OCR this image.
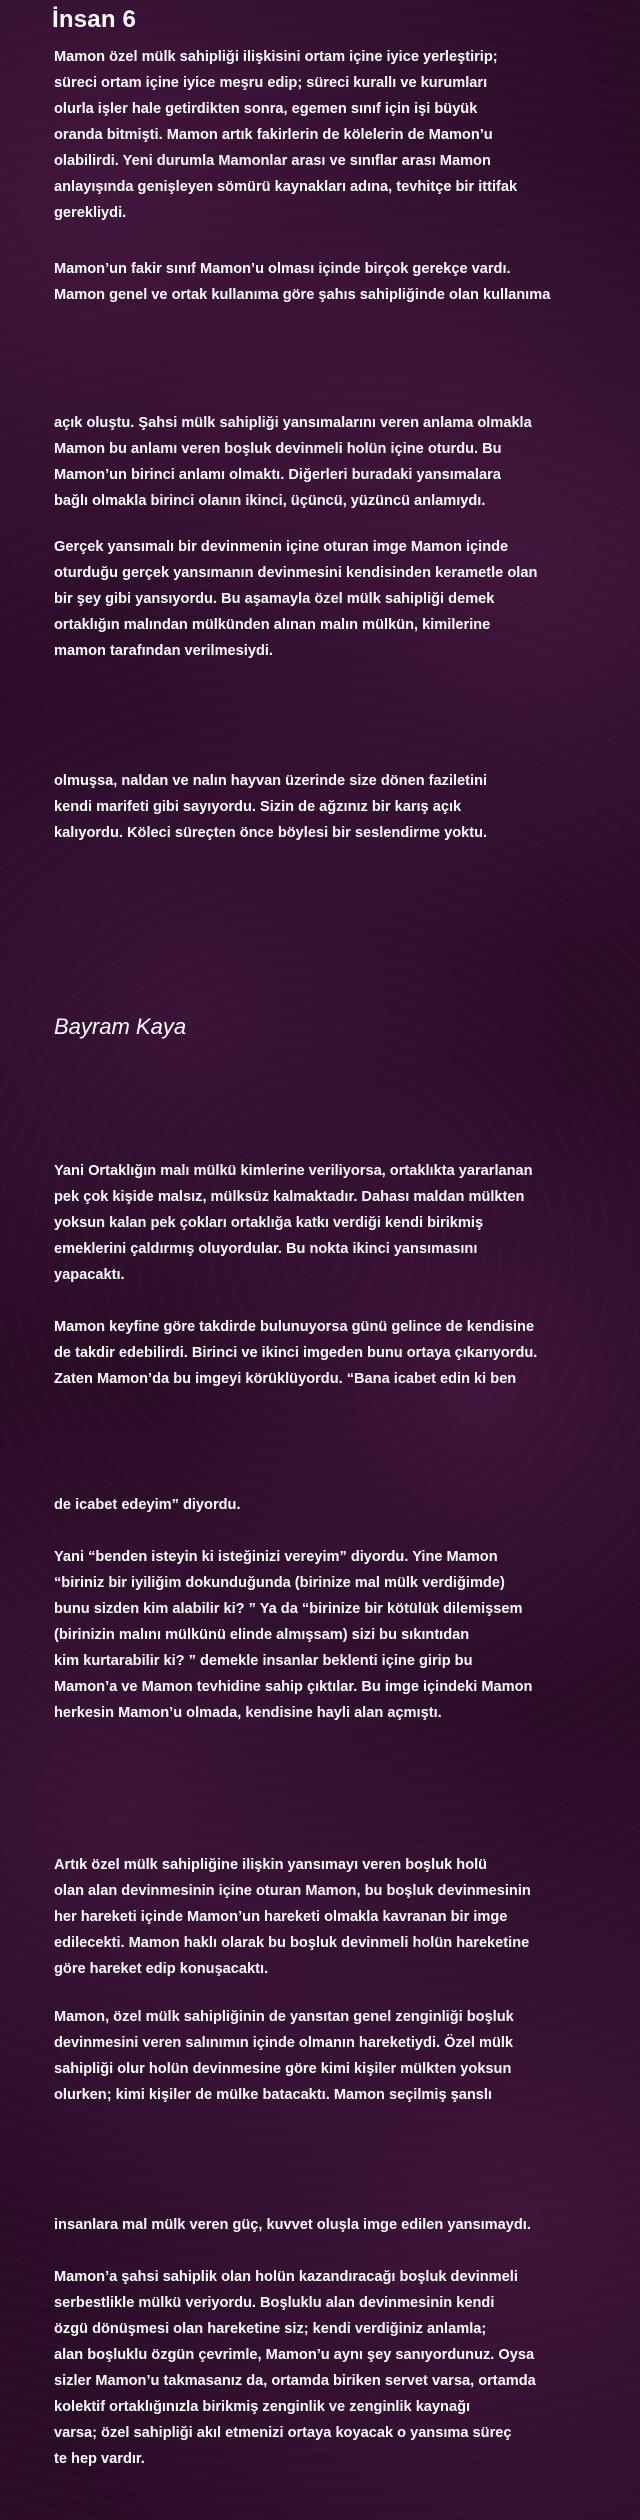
İnsan 6

Mamon özel mülk sahipliği ilişkisini ortam içine iyice yerleştirip;
süreci ortam içine iyice meşru edip; süreci kurallı ve kurumları
olurla işler hale getirdikten sonra, egemen sınıf için işi büyük
oranda bitmişti. Mamon artık fakirlerin de kölelerin de Mamon’u
olabilirdi. Yeni durumla Mamonlar arası ve sınıflar arası Mamon
anlayışında genişleyen sömürü kaynakları adına, tevhitçe bir ittifak
gerekliydi.

Mamon’un fakir sınıf Mamon’u olması içinde birçok gerekçe vardı.
Mamon genel ve ortak kullanıma göre şahıs sahipliğinde olan kullanıma

açık oluştu. Şahsi mülk sahipliği yansımalarını veren anlama olmakla
Mamon bu anlamı veren boşluk devinmeli holün içine oturdu. Bu
Mamon’un birinci anlamı olmaktı. Diğerleri buradaki yansımalara
bağlı olmakla birinci olanın ikinci, üçüncü, yüzüncü anlamıydı.

Gerçek yansımalı bir devinmenin içine oturan imge Mamon içinde
oturduğu gerçek yansımanın devinmesini kendisinden kerametle olan
bir şey gibi yansıyordu. Bu aşamayla özel mülk sahipliği demek
ortaklığın malından mülkünden alınan malın mülkün, kimilerine
mamon tarafından verilmesiydi.

olmuşsa, naldan ve nalın hayvan üzerinde size dönen faziletini
kendi marifeti gibi sayıyordu. Sizin de ağzınız bir karış açık
kalıyordu. Köleci süreçten önce böylesi bir seslendirme yoktu.

Bayram Kaya

Yani Ortaklığın malı mülkü kimlerine veriliyorsa, ortaklıkta yararlanan
pek çok kişide malsız, mülksüz kalmaktadır. Dahası maldan mülkten
yoksun kalan pek çokları ortaklığa katkı verdiği kendi birikmiş
emeklerini çaldırmış oluyordular. Bu nokta ikinci yansımasını
yapacaktı.

Mamon keyfine göre takdirde bulunuyorsa günü gelince de kendisine
de takdir edebilirdi. Birinci ve ikinci imgeden bunu ortaya çıkarıyordu.
Zaten Mamon’da bu imgeyi körüklüyordu. “Bana icabet edin ki ben

de icabet edeyim” diyordu.

Yani “benden isteyin ki isteğinizi vereyim” diyordu. Yine Mamon
“biriniz bir iyiliğim dokunduğunda (birinize mal mülk verdiğimde)
bunu sizden kim alabilir ki? ” Ya da “birinize bir kötülük dilemişsem
(birinizin malını mülkünü elinde almışsam) sizi bu sıkıntıdan
kim kurtarabilir ki? ” demekle insanlar beklenti içine girip bu
Mamon’a ve Mamon tevhidine sahip çıktılar. Bu imge içindeki Mamon
herkesin Mamon’u olmada, kendisine hayli alan açmıştı.

Artık özel mülk sahipliğine ilişkin yansımayı veren boşluk holü
olan alan devinmesinin içine oturan Mamon, bu boşluk devinmesinin
her hareketi içinde Mamon’un hareketi olmakla kavranan bir imge
edilecekti. Mamon haklı olarak bu boşluk devinmeli holün hareketine
göre hareket edip konuşacaktı.

Mamon, özel mülk sahipliğinin de yansıtan genel zenginliği boşluk
devinmesini veren salınımın içinde olmanın hareketiydi. Özel mülk
sahipliği olur holün devinmesine göre kimi kişiler mülkten yoksun
olurken; kimi kişiler de mülke batacaktı. Mamon seçilmiş şanslı

insanlara mal mülk veren güç, kuvvet oluşla imge edilen yansımaydı.

Mamon’a şahsi sahiplik olan holün kazandıracağı boşluk devinmeli
serbestlikle mülkü veriyordu. Boşluklu alan devinmesinin kendi
özgü dönüşmesi olan hareketine siz; kendi verdiğiniz anlamla;
alan boşluklu özgün çevrimle, Mamon’u aynı şey sanıyordunuz. Oysa
sizler Mamon’u takmasanız da, ortamda biriken servet varsa, ortamda
kolektif ortaklığınızla birikmiş zenginlik ve zenginlik kaynağı
varsa; özel sahipliği akıl etmenizi ortaya koyacak o yansıma süreç
te hep vardır.
